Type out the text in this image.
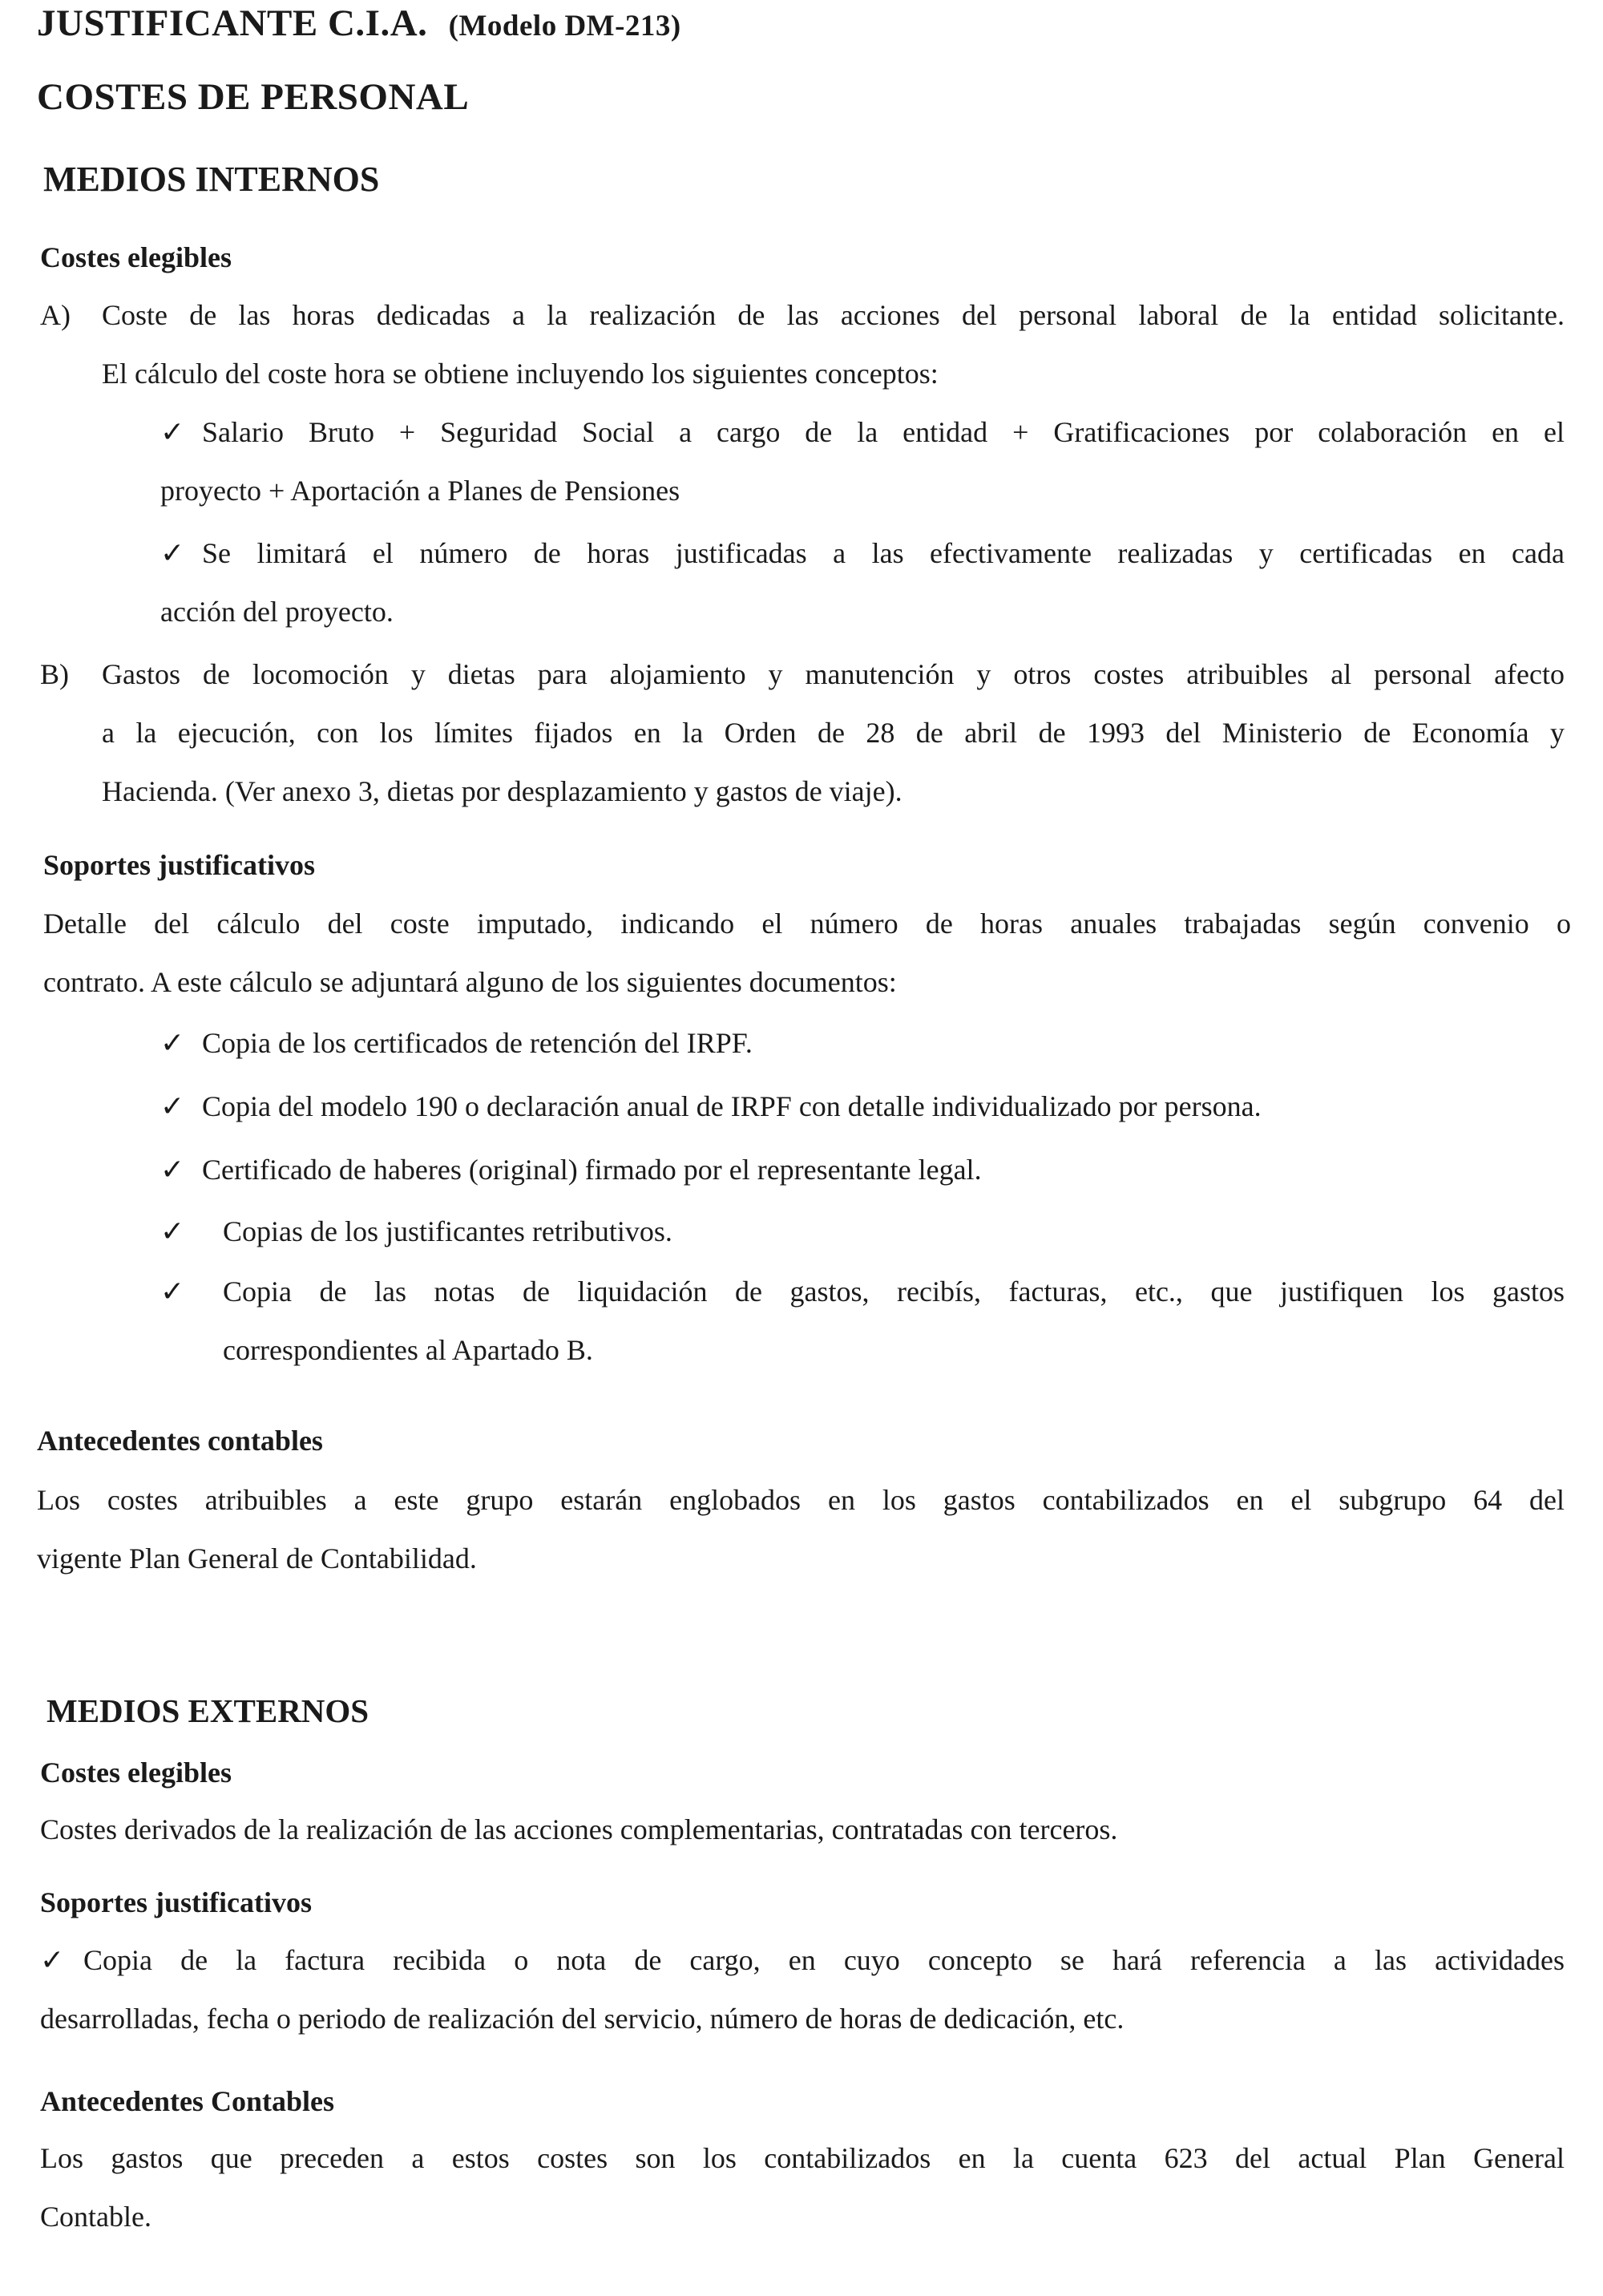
JUSTIFICANTE C.I.A. (Modelo DM-213)
COSTES DE PERSONAL
MEDIOS INTERNOS
Costes elegibles
A) Coste de las horas dedicadas a la realización de las acciones del personal laboral de la entidad solicitante.
El cálculo del coste hora se obtiene incluyendo los siguientes conceptos:
✓ Salario Bruto + Seguridad Social a cargo de la entidad + Gratificaciones por colaboración en el
proyecto + Aportación a Planes de Pensiones
✓ Se limitará el número de horas justificadas a las efectivamente realizadas y certificadas en cada
acción del proyecto.
B) Gastos de locomoción y dietas para alojamiento y manutención y otros costes atribuibles al personal afecto
a la ejecución, con los límites fijados en la Orden de 28 de abril de 1993 del Ministerio de Economía y
Hacienda. (Ver anexo 3, dietas por desplazamiento y gastos de viaje).
Soportes justificativos
Detalle del cálculo del coste imputado, indicando el número de horas anuales trabajadas según convenio o
contrato. A este cálculo se adjuntará alguno de los siguientes documentos:
✓ Copia de los certificados de retención del IRPF.
✓ Copia del modelo 190 o declaración anual de IRPF con detalle individualizado por persona.
✓ Certificado de haberes (original) firmado por el representante legal.
✓ Copias de los justificantes retributivos.
✓ Copia de las notas de liquidación de gastos, recibís, facturas, etc., que justifiquen los gastos
correspondientes al Apartado B.
Antecedentes contables
Los costes atribuibles a este grupo estarán englobados en los gastos contabilizados en el subgrupo 64 del
vigente Plan General de Contabilidad.
MEDIOS EXTERNOS
Costes elegibles
Costes derivados de la realización de las acciones complementarias, contratadas con terceros.
Soportes justificativos
✓ Copia de la factura recibida o nota de cargo, en cuyo concepto se hará referencia a las actividades
desarrolladas, fecha o periodo de realización del servicio, número de horas de dedicación, etc.
Antecedentes Contables
Los gastos que preceden a estos costes son los contabilizados en la cuenta 623 del actual Plan General
Contable.
